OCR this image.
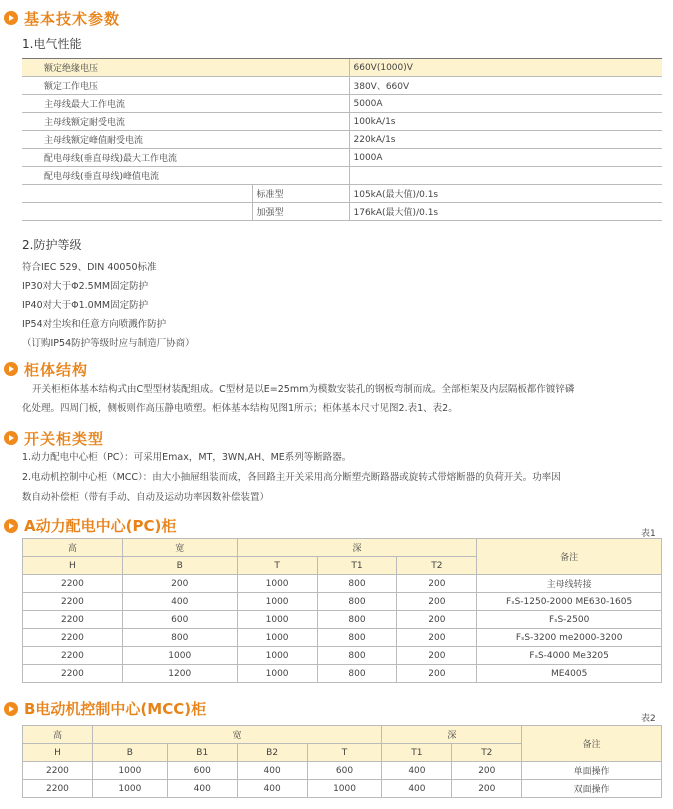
基本技术参数
1.电气性能
额定绝缘电压		660V(1000)V
额定工作电压		380V、660V
主母线最大工作电流		5000A
主母线额定耐受电流		100kA/1s
主母线额定峰值耐受电流		220kA/1s
配电母线(垂直母线)最大工作电流		1000A
配电母线(垂直母线)峰值电流		
	标准型	105kA(最大值)/0.1s
	加强型	176kA(最大值)/0.1s
2.防护等级
符合IEC 529、DIN 40050标准
IP30对大于Φ2.5MM固定防护
IP40对大于Φ1.0MM固定防护
IP54对尘埃和任意方向喷溅作防护
（订购IP54防护等级时应与制造厂协商）
柜体结构
开关柜柜体基本结构式由C型型材装配组成。C型材是以E=25mm为模数安装孔的钢板弯制而成。全部柜架及内层隔板都作镀锌磷
化处理。四周门板，侧板则作高压静电喷塑。柜体基本结构见图1所示；柜体基本尺寸见图2.表1、表2。
开关柜类型
1.动力配电中心柜（PC）：可采用Emax，MT，3WN,AH、ME系列等断路器。
2.电动机控制中心柜（MCC）：由大小抽屉组装而成，各回路主开关采用高分断塑壳断路器或旋转式带熔断器的负荷开关。功率因
数自动补偿柜（带有手动、自动及运动功率因数补偿装置）
A动力配电中心(PC)柜	表1
高	宽	深			备注
H	B	T	T1	T2	
2200	200	1000	800	200	主母线转接
2200	400	1000	800	200	FₛS-1250-2000 ME630-1605
2200	600	1000	800	200	FₛS-2500
2200	800	1000	800	200	FₛS-3200 me2000-3200
2200	1000	1000	800	200	FₛS-4000 Me3205
2200	1200	1000	800	200	ME4005
B电动机控制中心(MCC)柜
表2
高	宽				深		备注
H	B	B1	B2	T	T1	T2	
2200	1000	600	400	600	400	200	单面操作
2200	1000	400	400	1000	400	200	双面操作
